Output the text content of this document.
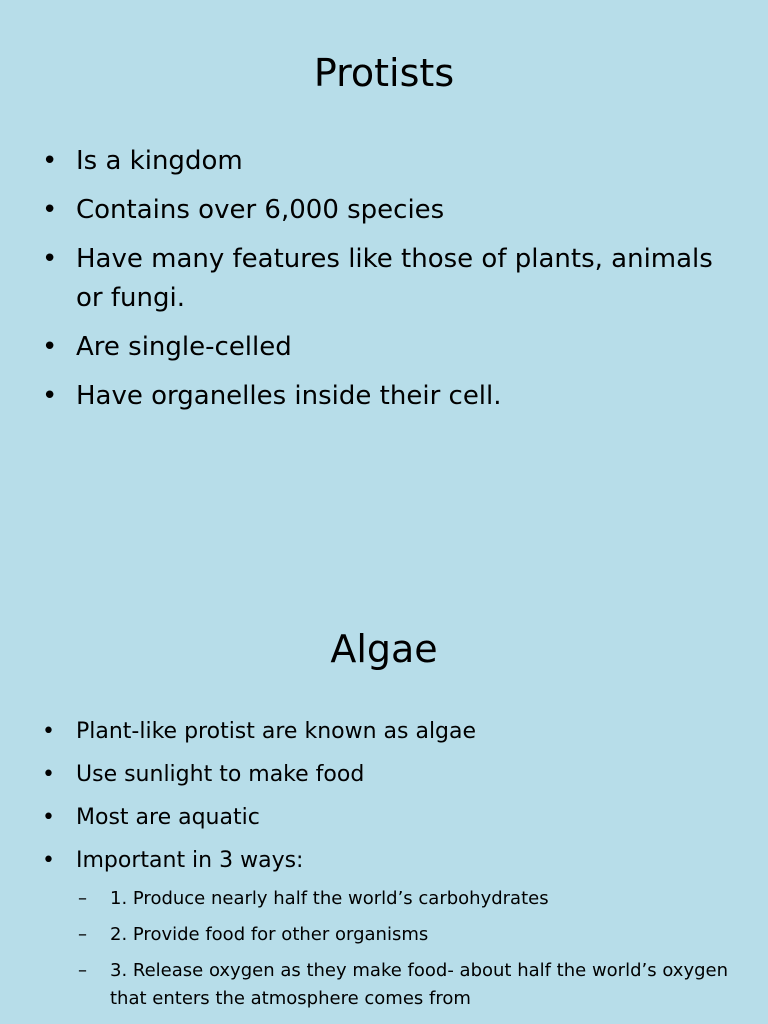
Protists
• Is a kingdom
• Contains over 6,000 species
• Have many features like those of plants, animals or fungi.
• Are single-celled
• Have organelles inside their cell.
Algae
• Plant-like protist are known as algae
• Use sunlight to make food
• Most are aquatic
• Important in 3 ways:
– 1. Produce nearly half the world’s carbohydrates
– 2. Provide food for other organisms
– 3. Release oxygen as they make food- about half the world’s oxygen that enters the atmosphere comes from
